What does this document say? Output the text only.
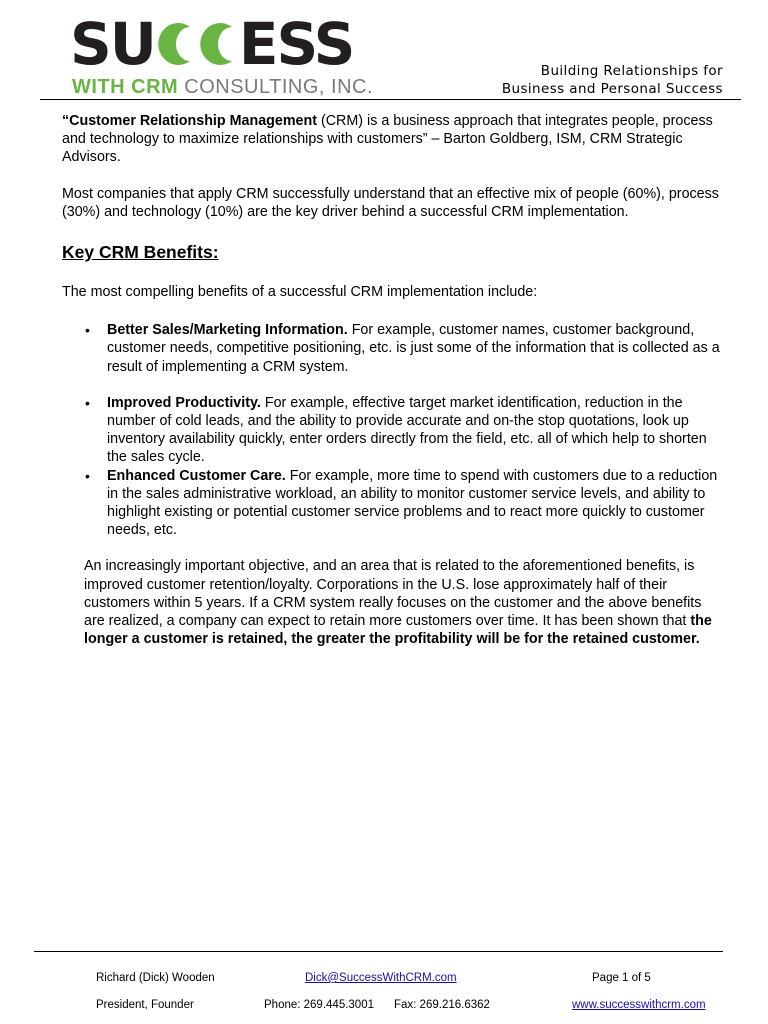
SU ESS
WITH CRM CONSULTING, INC.
Building Relationships for
Business and Personal Success

“Customer Relationship Management (CRM) is a business approach that integrates people, process and technology to maximize relationships with customers” – Barton Goldberg, ISM, CRM Strategic Advisors.

Most companies that apply CRM successfully understand that an effective mix of people (60%), process (30%) and technology (10%) are the key driver behind a successful CRM implementation.

Key CRM Benefits:

The most compelling benefits of a successful CRM implementation include:

• Better Sales/Marketing Information. For example, customer names, customer background, customer needs, competitive positioning, etc. is just some of the information that is collected as a result of implementing a CRM system.
• Improved Productivity. For example, effective target market identification, reduction in the number of cold leads, and the ability to provide accurate and on-the stop quotations, look up inventory availability quickly, enter orders directly from the field, etc. all of which help to shorten the sales cycle.
• Enhanced Customer Care. For example, more time to spend with customers due to a reduction in the sales administrative workload, an ability to monitor customer service levels, and ability to highlight existing or potential customer service problems and to react more quickly to customer needs, etc.

An increasingly important objective, and an area that is related to the aforementioned benefits, is improved customer retention/loyalty. Corporations in the U.S. lose approximately half of their customers within 5 years. If a CRM system really focuses on the customer and the above benefits are realized, a company can expect to retain more customers over time. It has been shown that the longer a customer is retained, the greater the profitability will be for the retained customer.

Richard (Dick) Wooden	Dick@SuccessWithCRM.com	Page 1 of 5
President, Founder	Phone: 269.445.3001 Fax: 269.216.6362	www.successwithcrm.com
